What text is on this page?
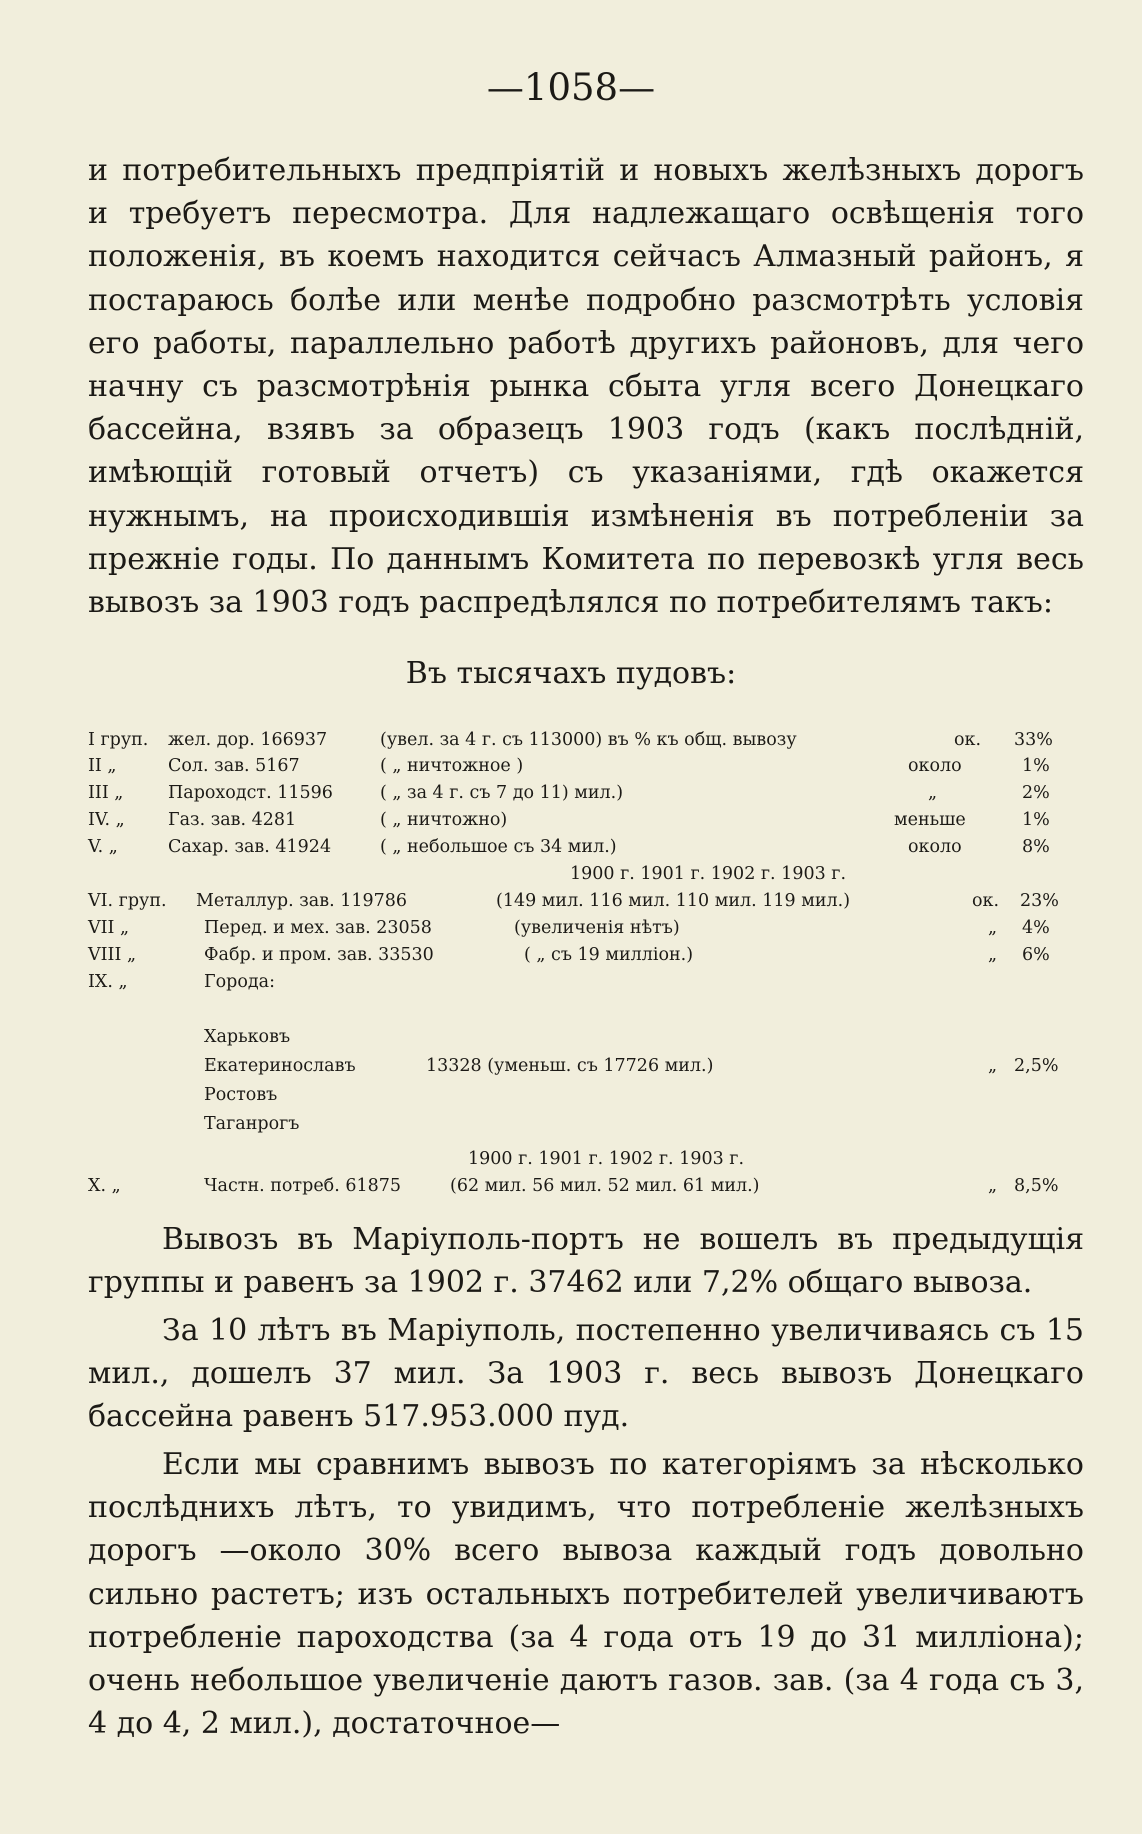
—1058—

и потребительныхъ предпріятій и новыхъ желѣзныхъ дорогъ и требуетъ пересмотра. Для надлежащаго освѣщенія того положенія, въ коемъ находится сейчасъ Алмазный районъ, я постараюсь болѣе или менѣе подробно разсмотрѣть условія его работы, параллельно работѣ другихъ районовъ, для чего начну съ разсмотрѣнія рынка сбыта угля всего Донецкаго бассейна, взявъ за образецъ 1903 годъ (какъ послѣдній, имѣющій готовый отчетъ) съ указаніями, гдѣ окажется нужнымъ, на происходившія измѣненія въ потребленіи за прежніе годы. По даннымъ Комитета по перевозкѣ угля весь вывозъ за 1903 годъ распредѣлялся по потребителямъ такъ:

Въ тысячахъ пудовъ:
I груп. жел. дор. 166937	(увел. за 4 г. съ 113000) въ % къ общ. вывозу	ок. 33%
II „	Сол. зав. 5167	( „ ничтожное )	около	1%
III „	Пароходст. 11596	( „ за 4 г. съ 7 до 11) мил.)	„	2%
IV. „ Газ. зав. 4281	( „ ничтожно)	меньше	1%
V. „	Сахар. зав. 41924	( „ небольшое съ 34 мил.)	около	8%
1900 г. 1901 г. 1902 г. 1903 г.
VI. груп. Металлур. зав. 119786	(149 мил. 116 мил. 110 мил. 119 мил.)	ок. 23%
VII „	Перед. и мех. зав. 23058	(увеличенія нѣтъ)	„ 4%
VIII „	Фабр. и пром. зав. 33530	( „ съ 19 милліон.)	„ 6%
IX. „	Города:
Харьковъ
Екатеринославъ	13328 (уменьш. съ 17726 мил.)	„ 2,5%
Ростовъ
Таганрогъ
1900 г. 1901 г. 1902 г. 1903 г.
X. „	Частн. потреб. 61875	(62 мил. 56 мил. 52 мил. 61 мил.)	„ 8,5%

Вывозъ въ Маріуполь-портъ не вошелъ въ предыдущія группы и равенъ за 1902 г. 37462 или 7,2% общаго вывоза.

За 10 лѣтъ въ Маріуполь, постепенно увеличиваясь съ 15 мил., дошелъ 37 мил. За 1903 г. весь вывозъ Донецкаго бассейна равенъ 517.953.000 пуд.

Если мы сравнимъ вывозъ по категоріямъ за нѣсколько послѣднихъ лѣтъ, то увидимъ, что потребленіе желѣзныхъ дорогъ —около 30% всего вывоза каждый годъ довольно сильно растетъ; изъ остальныхъ потребителей увеличиваютъ потребленіе пароходства (за 4 года отъ 19 до 31 милліона); очень небольшое увеличеніе даютъ газов. зав. (за 4 года съ 3, 4 до 4, 2 мил.), достаточное—
